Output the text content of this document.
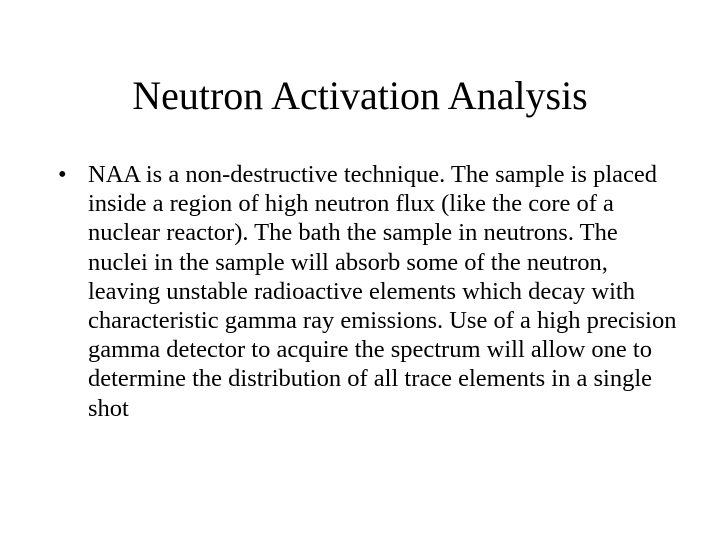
Neutron Activation Analysis
• NAA is a non-destructive technique. The sample is placed inside a region of high neutron flux (like the core of a nuclear reactor). The bath the sample in neutrons. The nuclei in the sample will absorb some of the neutron, leaving unstable radioactive elements which decay with characteristic gamma ray emissions. Use of a high precision gamma detector to acquire the spectrum will allow one to determine the distribution of all trace elements in a single shot
